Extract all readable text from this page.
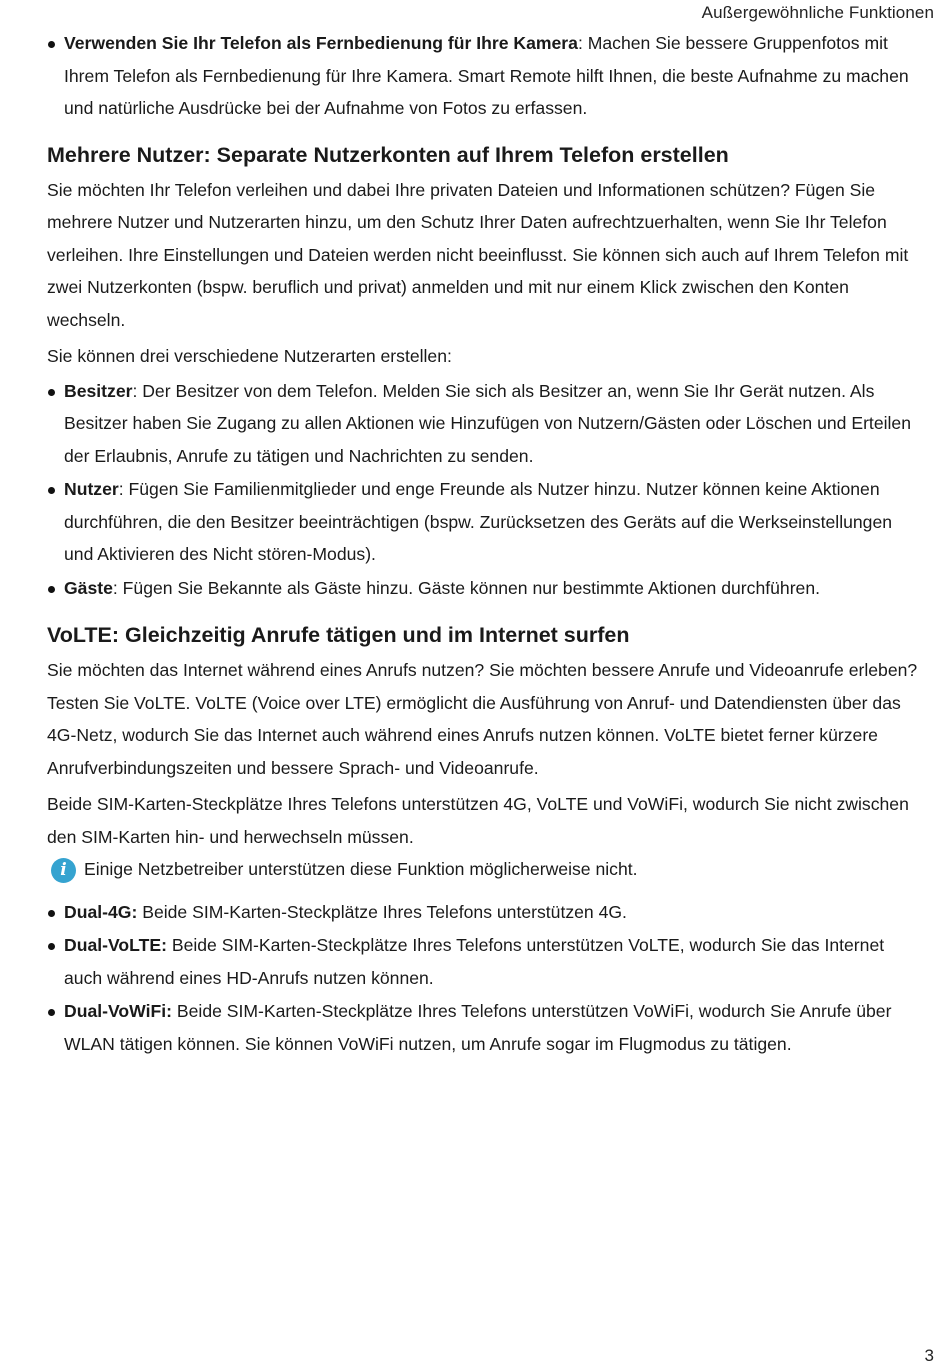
Außergewöhnliche Funktionen
Verwenden Sie Ihr Telefon als Fernbedienung für Ihre Kamera: Machen Sie bessere Gruppenfotos mit Ihrem Telefon als Fernbedienung für Ihre Kamera. Smart Remote hilft Ihnen, die beste Aufnahme zu machen und natürliche Ausdrücke bei der Aufnahme von Fotos zu erfassen.
Mehrere Nutzer: Separate Nutzerkonten auf Ihrem Telefon erstellen

Sie möchten Ihr Telefon verleihen und dabei Ihre privaten Dateien und Informationen schützen? Fügen Sie mehrere Nutzer und Nutzerarten hinzu, um den Schutz Ihrer Daten aufrechtzuerhalten, wenn Sie Ihr Telefon verleihen. Ihre Einstellungen und Dateien werden nicht beeinflusst. Sie können sich auch auf Ihrem Telefon mit zwei Nutzerkonten (bspw. beruflich und privat) anmelden und mit nur einem Klick zwischen den Konten wechseln.

Sie können drei verschiedene Nutzerarten erstellen:

Besitzer: Der Besitzer von dem Telefon. Melden Sie sich als Besitzer an, wenn Sie Ihr Gerät nutzen. Als Besitzer haben Sie Zugang zu allen Aktionen wie Hinzufügen von Nutzern/Gästen oder Löschen und Erteilen der Erlaubnis, Anrufe zu tätigen und Nachrichten zu senden.
Nutzer: Fügen Sie Familienmitglieder und enge Freunde als Nutzer hinzu. Nutzer können keine Aktionen durchführen, die den Besitzer beeinträchtigen (bspw. Zurücksetzen des Geräts auf die Werkseinstellungen und Aktivieren des Nicht stören-Modus).
Gäste: Fügen Sie Bekannte als Gäste hinzu. Gäste können nur bestimmte Aktionen durchführen.
VoLTE: Gleichzeitig Anrufe tätigen und im Internet surfen

Sie möchten das Internet während eines Anrufs nutzen? Sie möchten bessere Anrufe und Videoanrufe erleben? Testen Sie VoLTE. VoLTE (Voice over LTE) ermöglicht die Ausführung von Anruf- und Datendiensten über das 4G-Netz, wodurch Sie das Internet auch während eines Anrufs nutzen können. VoLTE bietet ferner kürzere Anrufverbindungszeiten und bessere Sprach- und Videoanrufe.

Beide SIM-Karten-Steckplätze Ihres Telefons unterstützen 4G, VoLTE und VoWiFi, wodurch Sie nicht zwischen den SIM-Karten hin- und herwechseln müssen.

i Einige Netzbetreiber unterstützen diese Funktion möglicherweise nicht.
Dual-4G: Beide SIM-Karten-Steckplätze Ihres Telefons unterstützen 4G.
Dual-VoLTE: Beide SIM-Karten-Steckplätze Ihres Telefons unterstützen VoLTE, wodurch Sie das Internet auch während eines HD-Anrufs nutzen können.
Dual-VoWiFi: Beide SIM-Karten-Steckplätze Ihres Telefons unterstützen VoWiFi, wodurch Sie Anrufe über WLAN tätigen können. Sie können VoWiFi nutzen, um Anrufe sogar im Flugmodus zu tätigen.
3
